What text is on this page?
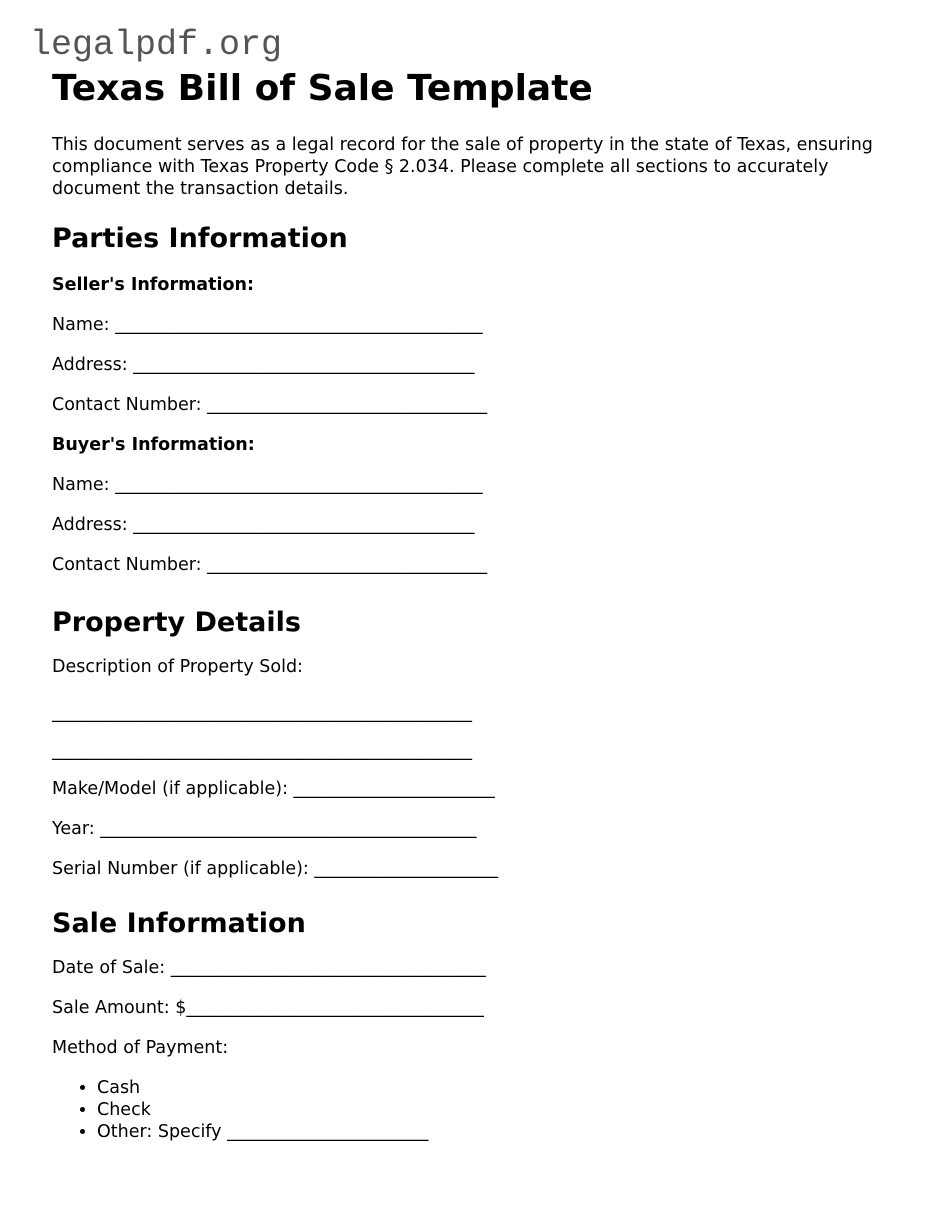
legalpdf.org
Texas Bill of Sale Template

This document serves as a legal record for the sale of property in the state of Texas, ensuring compliance with Texas Property Code § 2.034. Please complete all sections to accurately document the transaction details.

Parties Information

Seller's Information:

Name: __________________________________________

Address: _______________________________________

Contact Number: ________________________________

Buyer's Information:

Name: __________________________________________

Address: _______________________________________

Contact Number: ________________________________

Property Details

Description of Property Sold:

________________________________________________

________________________________________________

Make/Model (if applicable): _______________________

Year: ___________________________________________

Serial Number (if applicable): _____________________

Sale Information

Date of Sale: ____________________________________

Sale Amount: $__________________________________

Method of Payment:

• Cash
• Check
• Other: Specify _______________________
